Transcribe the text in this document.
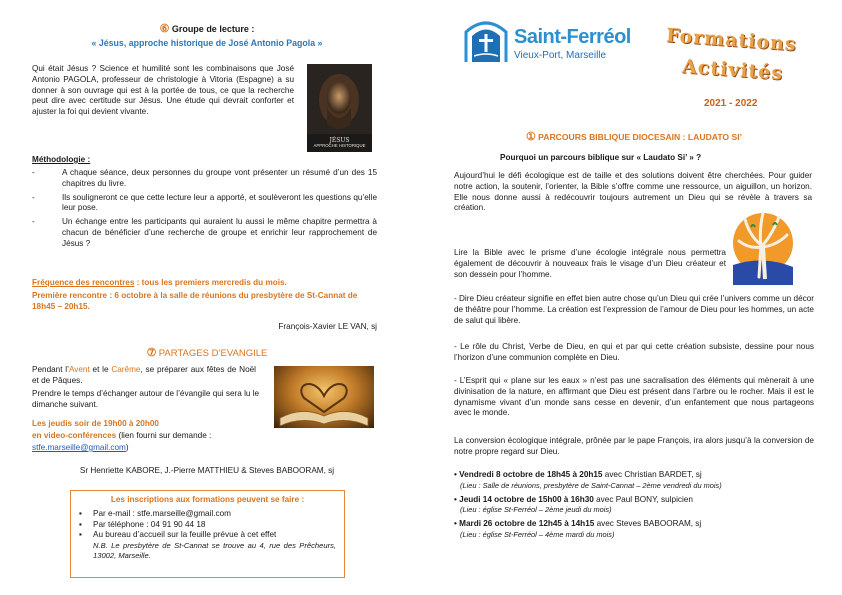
⑥ Groupe de lecture :
« Jésus, approche historique de José Antonio Pagola »

Qui était Jésus ? Science et humilité sont les combinaisons que José Antonio PAGOLA, professeur de christologie à Vitoria (Espagne) a su donner à son ouvrage qui est à la portée de tous, ce que la recherche peut dire avec certitude sur Jésus. Une étude qui devrait conforter et ajuster la foi qui devient vivante.

JÉSUS
APPROCHE HISTORIQUE
Méthodologie :
- A chaque séance, deux personnes du groupe vont présenter un résumé d’un des 15 chapitres du livre.
- Ils souligneront ce que cette lecture leur a apporté, et soulèveront les questions qu’elle leur pose.
- Un échange entre les participants qui auraient lu aussi le même chapitre permettra à chacun de bénéficier d’une recherche de groupe et enrichir leur rapprochement de Jésus ?

Fréquence des rencontres : tous les premiers mercredis du mois.

Première rencontre : 6 octobre à la salle de réunions du presbytère de St-Cannat de 18h45 – 20h15.

François-Xavier LE VAN, sj

⑦ PARTAGES D’EVANGILE

Pendant l’Avent et le Carême, se préparer aux fêtes de Noël et de Pâques.

Prendre le temps d’échanger autour de l’évangile qui sera lu le dimanche suivant.

Les jeudis soir de 19h00 à 20h00

en video-conférences (lien fourni sur demande :

stfe.marseille@gmail.com)

Sr Henriette KABORE, J.-Pierre MATTHIEU & Steves BABOORAM, sj

Les inscriptions aux formations peuvent se faire :

▪ Par e-mail : stfe.marseille@gmail.com
▪ Par téléphone : 04 91 90 44 18
▪ Au bureau d’accueil sur la feuille prévue à cet effet

N.B. Le presbytère de St-Cannat se trouve au 4, rue des Prêcheurs, 13002, Marseille.

Saint-Ferréol
Vieux-Port, Marseille	Formations
Activités
2021 - 2022
① PARCOURS BIBLIQUE DIOCESAIN : LAUDATO SI’

Pourquoi un parcours biblique sur « Laudato Si’ » ?

Aujourd’hui le défi écologique est de taille et des solutions doivent être cherchées. Pour guider notre action, la soutenir, l’orienter, la Bible s’offre comme une ressource, un aiguillon, un horizon. Elle nous donne aussi à redécouvrir toujours autrement un Dieu qui se révèle à travers sa création.

Lire la Bible avec le prisme d’une écologie intégrale nous permettra également de découvrir à nouveaux frais le visage d’un Dieu créateur et son dessein pour l’homme.

- Dire Dieu créateur signifie en effet bien autre chose qu’un Dieu qui crée l’univers comme un décor de théâtre pour l’homme. La création est l’expression de l’amour de Dieu pour les hommes, un acte de salut qui libère.

- Le rôle du Christ, Verbe de Dieu, en qui et par qui cette création subsiste, dessine pour nous l’horizon d’une communion complète en Dieu.

- L’Esprit qui « plane sur les eaux » n’est pas une sacralisation des éléments qui mènerait à une divinisation de la nature, en affirmant que Dieu est présent dans l’arbre ou le rocher. Mais il est le dynamisme vivant d’un monde sans cesse en devenir, d’un enfantement que nous partageons avec le monde.

La conversion écologique intégrale, prônée par le pape François, ira alors jusqu’à la conversion de notre propre regard sur Dieu.

• Vendredi 8 octobre de 18h45 à 20h15 avec Christian BARDET, sj
(Lieu : Salle de réunions, presbytère de Saint-Cannat – 2ème vendredi du mois)
• Jeudi 14 octobre de 15h00 à 16h30 avec Paul BONY, sulpicien
(Lieu : église St-Ferréol – 2ème jeudi du mois)
• Mardi 26 octobre de 12h45 à 14h15 avec Steves BABOORAM, sj
(Lieu : église St-Ferréol – 4ème mardi du mois)
